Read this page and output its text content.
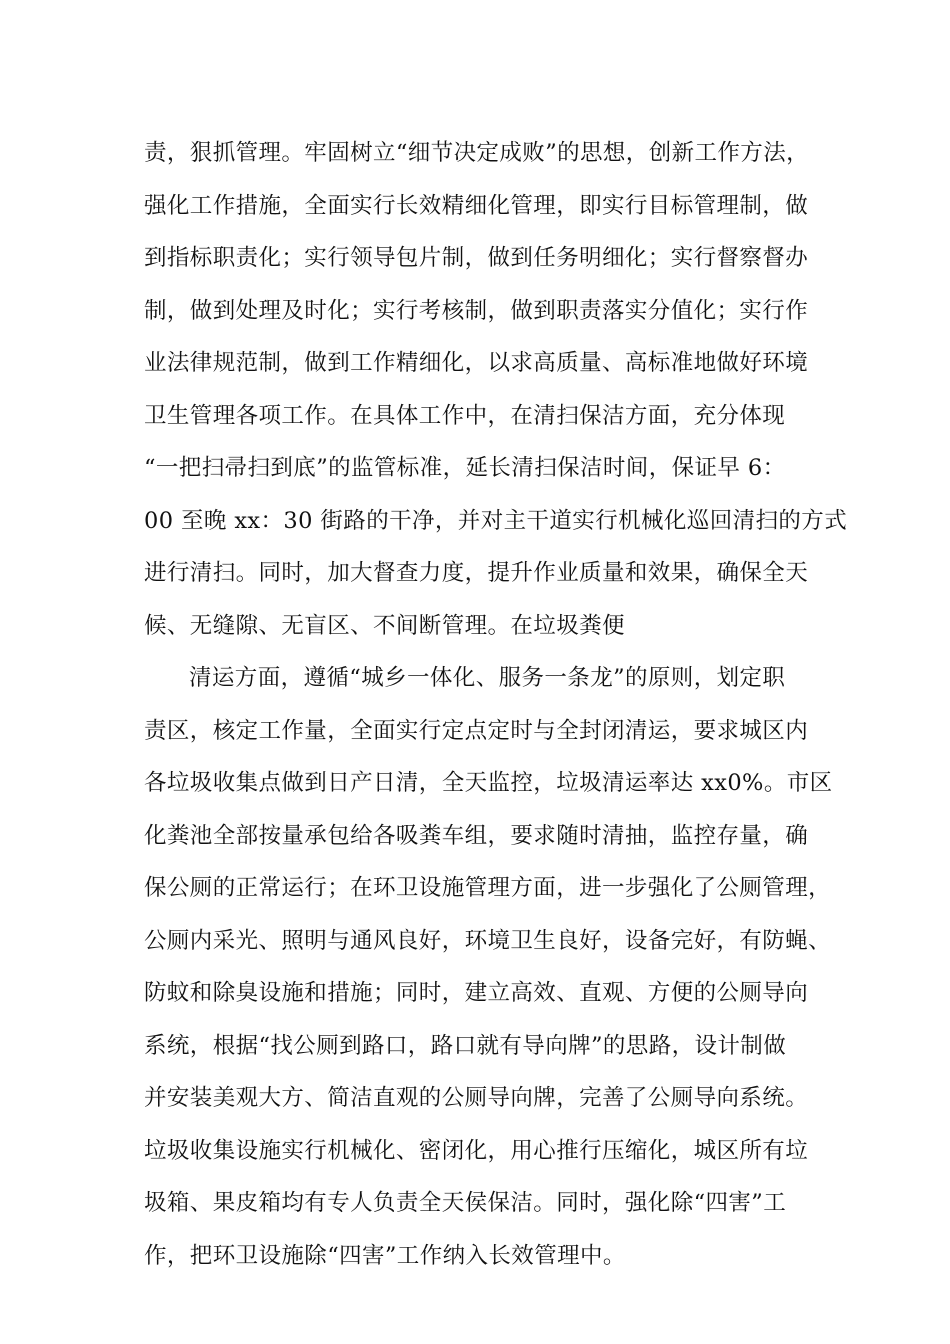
责，狠抓管理。牢固树立“细节决定成败”的思想，创新工作方法，
强化工作措施，全面实行长效精细化管理，即实行目标管理制，做
到指标职责化；实行领导包片制，做到任务明细化；实行督察督办
制，做到处理及时化；实行考核制，做到职责落实分值化；实行作
业法律规范制，做到工作精细化，以求高质量、高标准地做好环境
卫生管理各项工作。在具体工作中，在清扫保洁方面，充分体现
“一把扫帚扫到底”的监管标准，延长清扫保洁时间，保证早 6：
00 至晚 xx：30 街路的干净，并对主干道实行机械化巡回清扫的方式
进行清扫。同时，加大督查力度，提升作业质量和效果，确保全天
候、无缝隙、无盲区、不间断管理。在垃圾粪便
清运方面，遵循“城乡一体化、服务一条龙”的原则，划定职
责区，核定工作量，全面实行定点定时与全封闭清运，要求城区内
各垃圾收集点做到日产日清，全天监控，垃圾清运率达 xx0%。市区
化粪池全部按量承包给各吸粪车组，要求随时清抽，监控存量，确
保公厕的正常运行；在环卫设施管理方面，进一步强化了公厕管理，
公厕内采光、照明与通风良好，环境卫生良好，设备完好，有防蝇、
防蚊和除臭设施和措施；同时，建立高效、直观、方便的公厕导向
系统，根据“找公厕到路口，路口就有导向牌”的思路，设计制做
并安装美观大方、简洁直观的公厕导向牌，完善了公厕导向系统。
垃圾收集设施实行机械化、密闭化，用心推行压缩化，城区所有垃
圾箱、果皮箱均有专人负责全天侯保洁。同时，强化除“四害”工
作，把环卫设施除“四害”工作纳入长效管理中。
